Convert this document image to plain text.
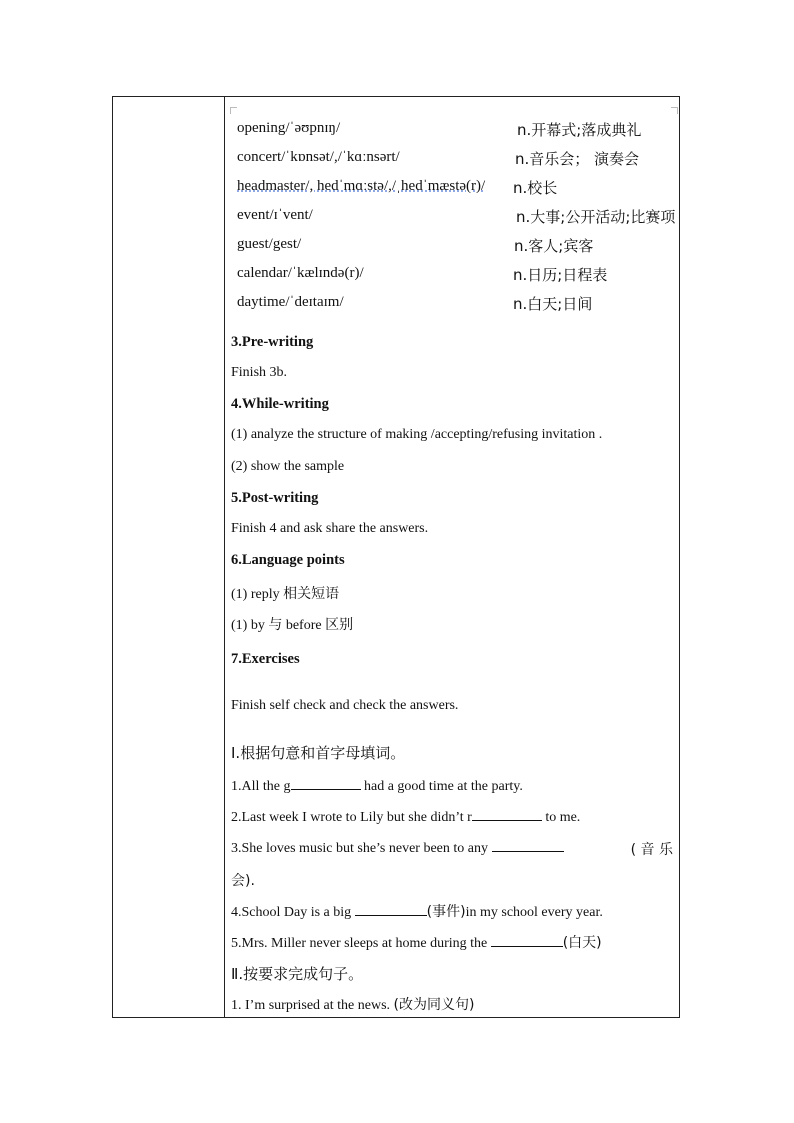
opening/ˈəʊpnɪŋ/	n.开幕式;落成典礼
concert/ˈkɒnsət/,/ˈkɑːnsərt/	n.音乐会； 演奏会
headmaster/, hedˈmɑːstə/,/ˌhedˈmæstə(r)/ n.校长
event/ɪˈvent/	n.大事;公开活动;比赛项
guest/gest/	n.客人;宾客
calendar/ˈkælɪndə(r)/	n.日历;日程表
daytime/ˈdeɪtaɪm/	n.白天;日间
3.Pre-writing
Finish 3b.
4.While-writing
(1) analyze the structure of making /accepting/refusing invitation .
(2) show the sample
5.Post-writing
Finish 4 and ask share the answers.
6.Language points
(1) reply 相关短语
(1) by 与 before 区别
7.Exercises
Finish self check and check the answers.
Ⅰ.根据句意和首字母填词。
1.All the g	had a good time at the party.
2.Last week I wrote to Lily but she didn’t r	to me.
3.She loves music but she’s never been to any	( 音 乐
会).
4.School Day is a big	(事件)in my school every year.
5.Mrs. Miller never sleeps at home during the	(白天)
Ⅱ.按要求完成句子。
1. I’m surprised at the news. (改为同义句)
